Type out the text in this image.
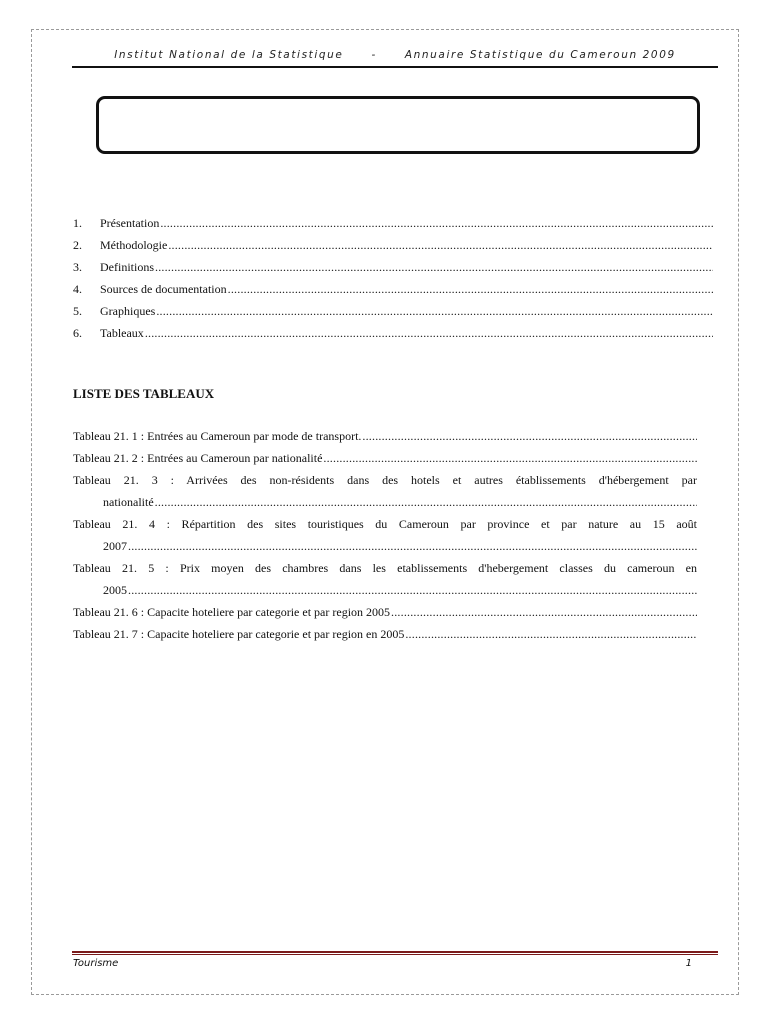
Institut National de la Statistique	-	Annuaire Statistique du Cameroun 2009
1.	Présentation
.....
2.	Méthodologie
.....
3.	Definitions
.....
4.	Sources de documentation
.....
5.	Graphiques
.....
6.	Tableaux
.....
LISTE DES TABLEAUX
Tableau 21. 1 : Entrées au Cameroun par mode de transport.
.....
Tableau 21. 2 : Entrées au Cameroun par nationalité
.....
Tableau 21. 3 : Arrivées des non-résidents dans des hotels et autres établissements d'hébergement par
nationalité
.....
Tableau 21. 4 : Répartition des sites touristiques du Cameroun par province et par nature au 15 août
2007
.....
Tableau 21. 5 : Prix moyen des chambres dans les etablissements d'hebergement classes du cameroun en
2005
.....
Tableau 21. 6 : Capacite hoteliere par categorie et par region 2005
.....
Tableau 21. 7 : Capacite hoteliere par categorie et par region en 2005
.....
Tourisme	1
